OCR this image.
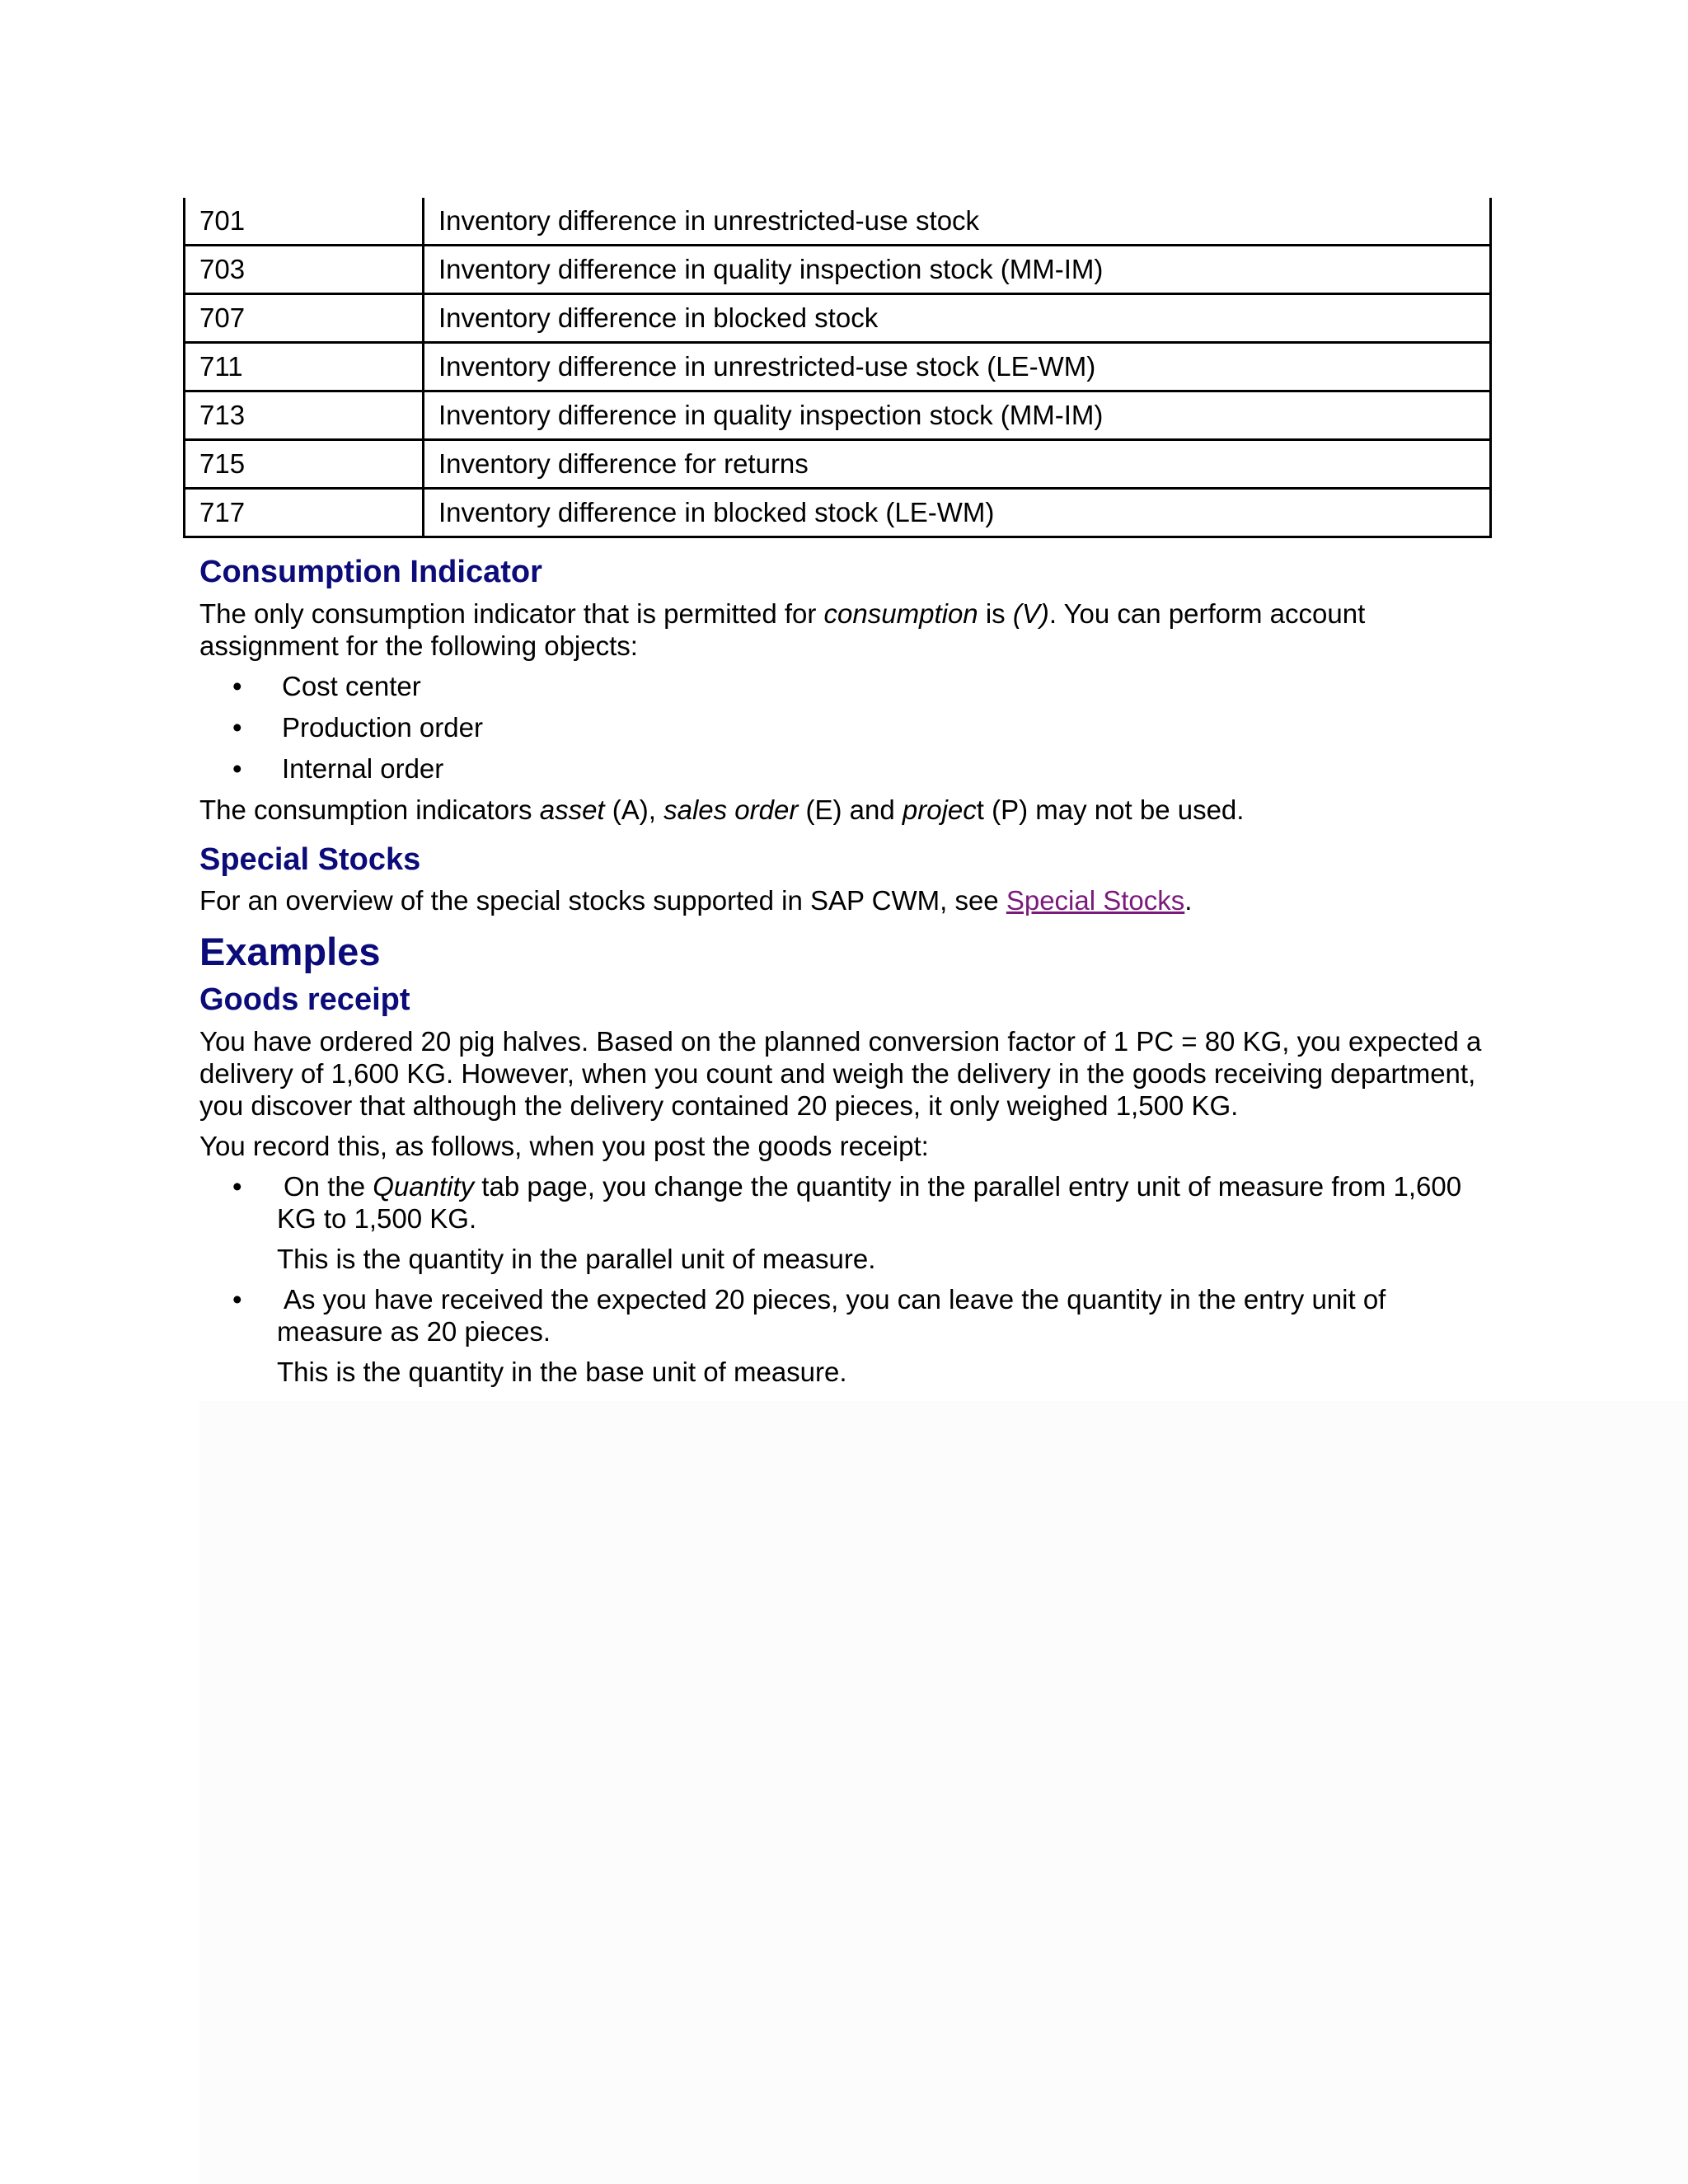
701	Inventory difference in unrestricted-use stock
703	Inventory difference in quality inspection stock (MM-IM)
707	Inventory difference in blocked stock
711	Inventory difference in unrestricted-use stock (LE-WM)
713	Inventory difference in quality inspection stock (MM-IM)
715	Inventory difference for returns
717	Inventory difference in blocked stock (LE-WM)
Consumption Indicator

The only consumption indicator that is permitted for consumption is (V). You can perform account assignment for the following objects:

• Cost center
• Production order
• Internal order

The consumption indicators asset (A), sales order (E) and project (P) may not be used.

Special Stocks

For an overview of the special stocks supported in SAP CWM, see Special Stocks.

Examples
Goods receipt

You have ordered 20 pig halves. Based on the planned conversion factor of 1 PC = 80 KG, you expected a delivery of 1,600 KG. However, when you count and weigh the delivery in the goods receiving department, you discover that although the delivery contained 20 pieces, it only weighed 1,500 KG.

You record this, as follows, when you post the goods receipt:

• On the Quantity tab page, you change the quantity in the parallel entry unit of measure from 1,600 KG to 1,500 KG.
This is the quantity in the parallel unit of measure.
• As you have received the expected 20 pieces, you can leave the quantity in the entry unit of measure as 20 pieces.
This is the quantity in the base unit of measure.
